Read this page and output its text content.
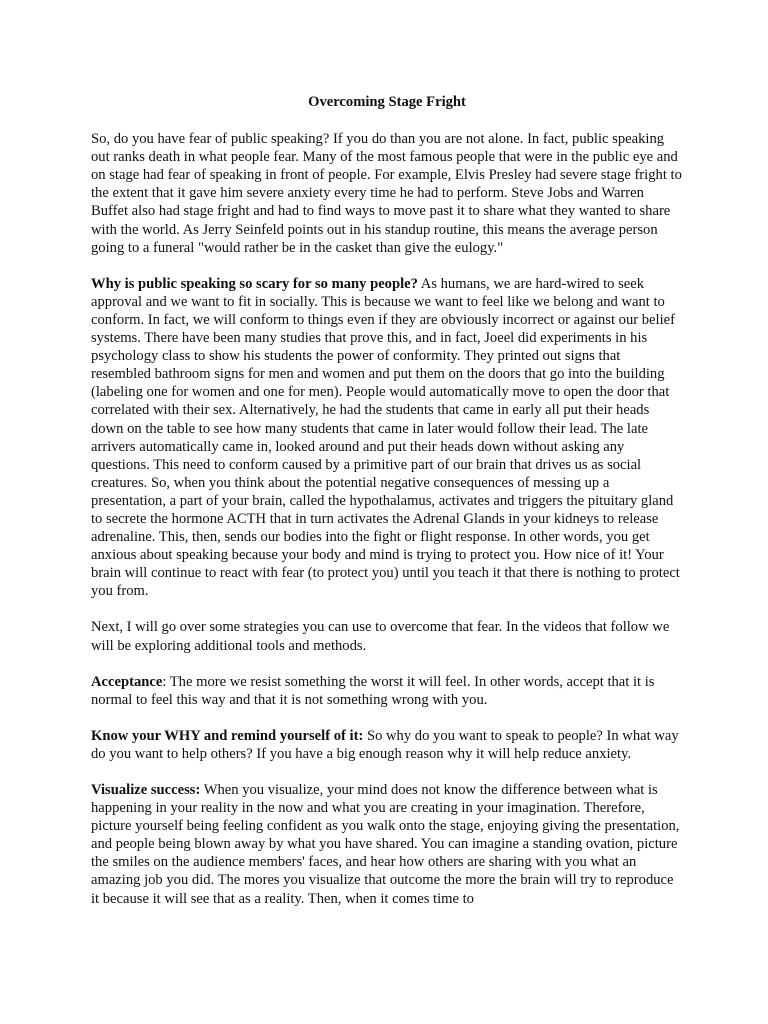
Overcoming Stage Fright

So, do you have fear of public speaking? If you do than you are not alone. In fact, public speaking out ranks death in what people fear. Many of the most famous people that were in the public eye and on stage had fear of speaking in front of people. For example, Elvis Presley had severe stage fright to the extent that it gave him severe anxiety every time he had to perform. Steve Jobs and Warren Buffet also had stage fright and had to find ways to move past it to share what they wanted to share with the world. As Jerry Seinfeld points out in his standup routine, this means the average person going to a funeral "would rather be in the casket than give the eulogy."

Why is public speaking so scary for so many people? As humans, we are hard-wired to seek approval and we want to fit in socially. This is because we want to feel like we belong and want to conform. In fact, we will conform to things even if they are obviously incorrect or against our belief systems. There have been many studies that prove this, and in fact, Joeel did experiments in his psychology class to show his students the power of conformity. They printed out signs that resembled bathroom signs for men and women and put them on the doors that go into the building (labeling one for women and one for men). People would automatically move to open the door that correlated with their sex. Alternatively, he had the students that came in early all put their heads down on the table to see how many students that came in later would follow their lead. The late arrivers automatically came in, looked around and put their heads down without asking any questions. This need to conform caused by a primitive part of our brain that drives us as social creatures. So, when you think about the potential negative consequences of messing up a presentation, a part of your brain, called the hypothalamus, activates and triggers the pituitary gland to secrete the hormone ACTH that in turn activates the Adrenal Glands in your kidneys to release adrenaline. This, then, sends our bodies into the fight or flight response. In other words, you get anxious about speaking because your body and mind is trying to protect you. How nice of it! Your brain will continue to react with fear (to protect you) until you teach it that there is nothing to protect you from.

Next, I will go over some strategies you can use to overcome that fear. In the videos that follow we will be exploring additional tools and methods.

Acceptance: The more we resist something the worst it will feel. In other words, accept that it is normal to feel this way and that it is not something wrong with you.

Know your WHY and remind yourself of it: So why do you want to speak to people? In what way do you want to help others? If you have a big enough reason why it will help reduce anxiety.

Visualize success: When you visualize, your mind does not know the difference between what is happening in your reality in the now and what you are creating in your imagination. Therefore, picture yourself being feeling confident as you walk onto the stage, enjoying giving the presentation, and people being blown away by what you have shared. You can imagine a standing ovation, picture the smiles on the audience members' faces, and hear how others are sharing with you what an amazing job you did. The mores you visualize that outcome the more the brain will try to reproduce it because it will see that as a reality. Then, when it comes time to
